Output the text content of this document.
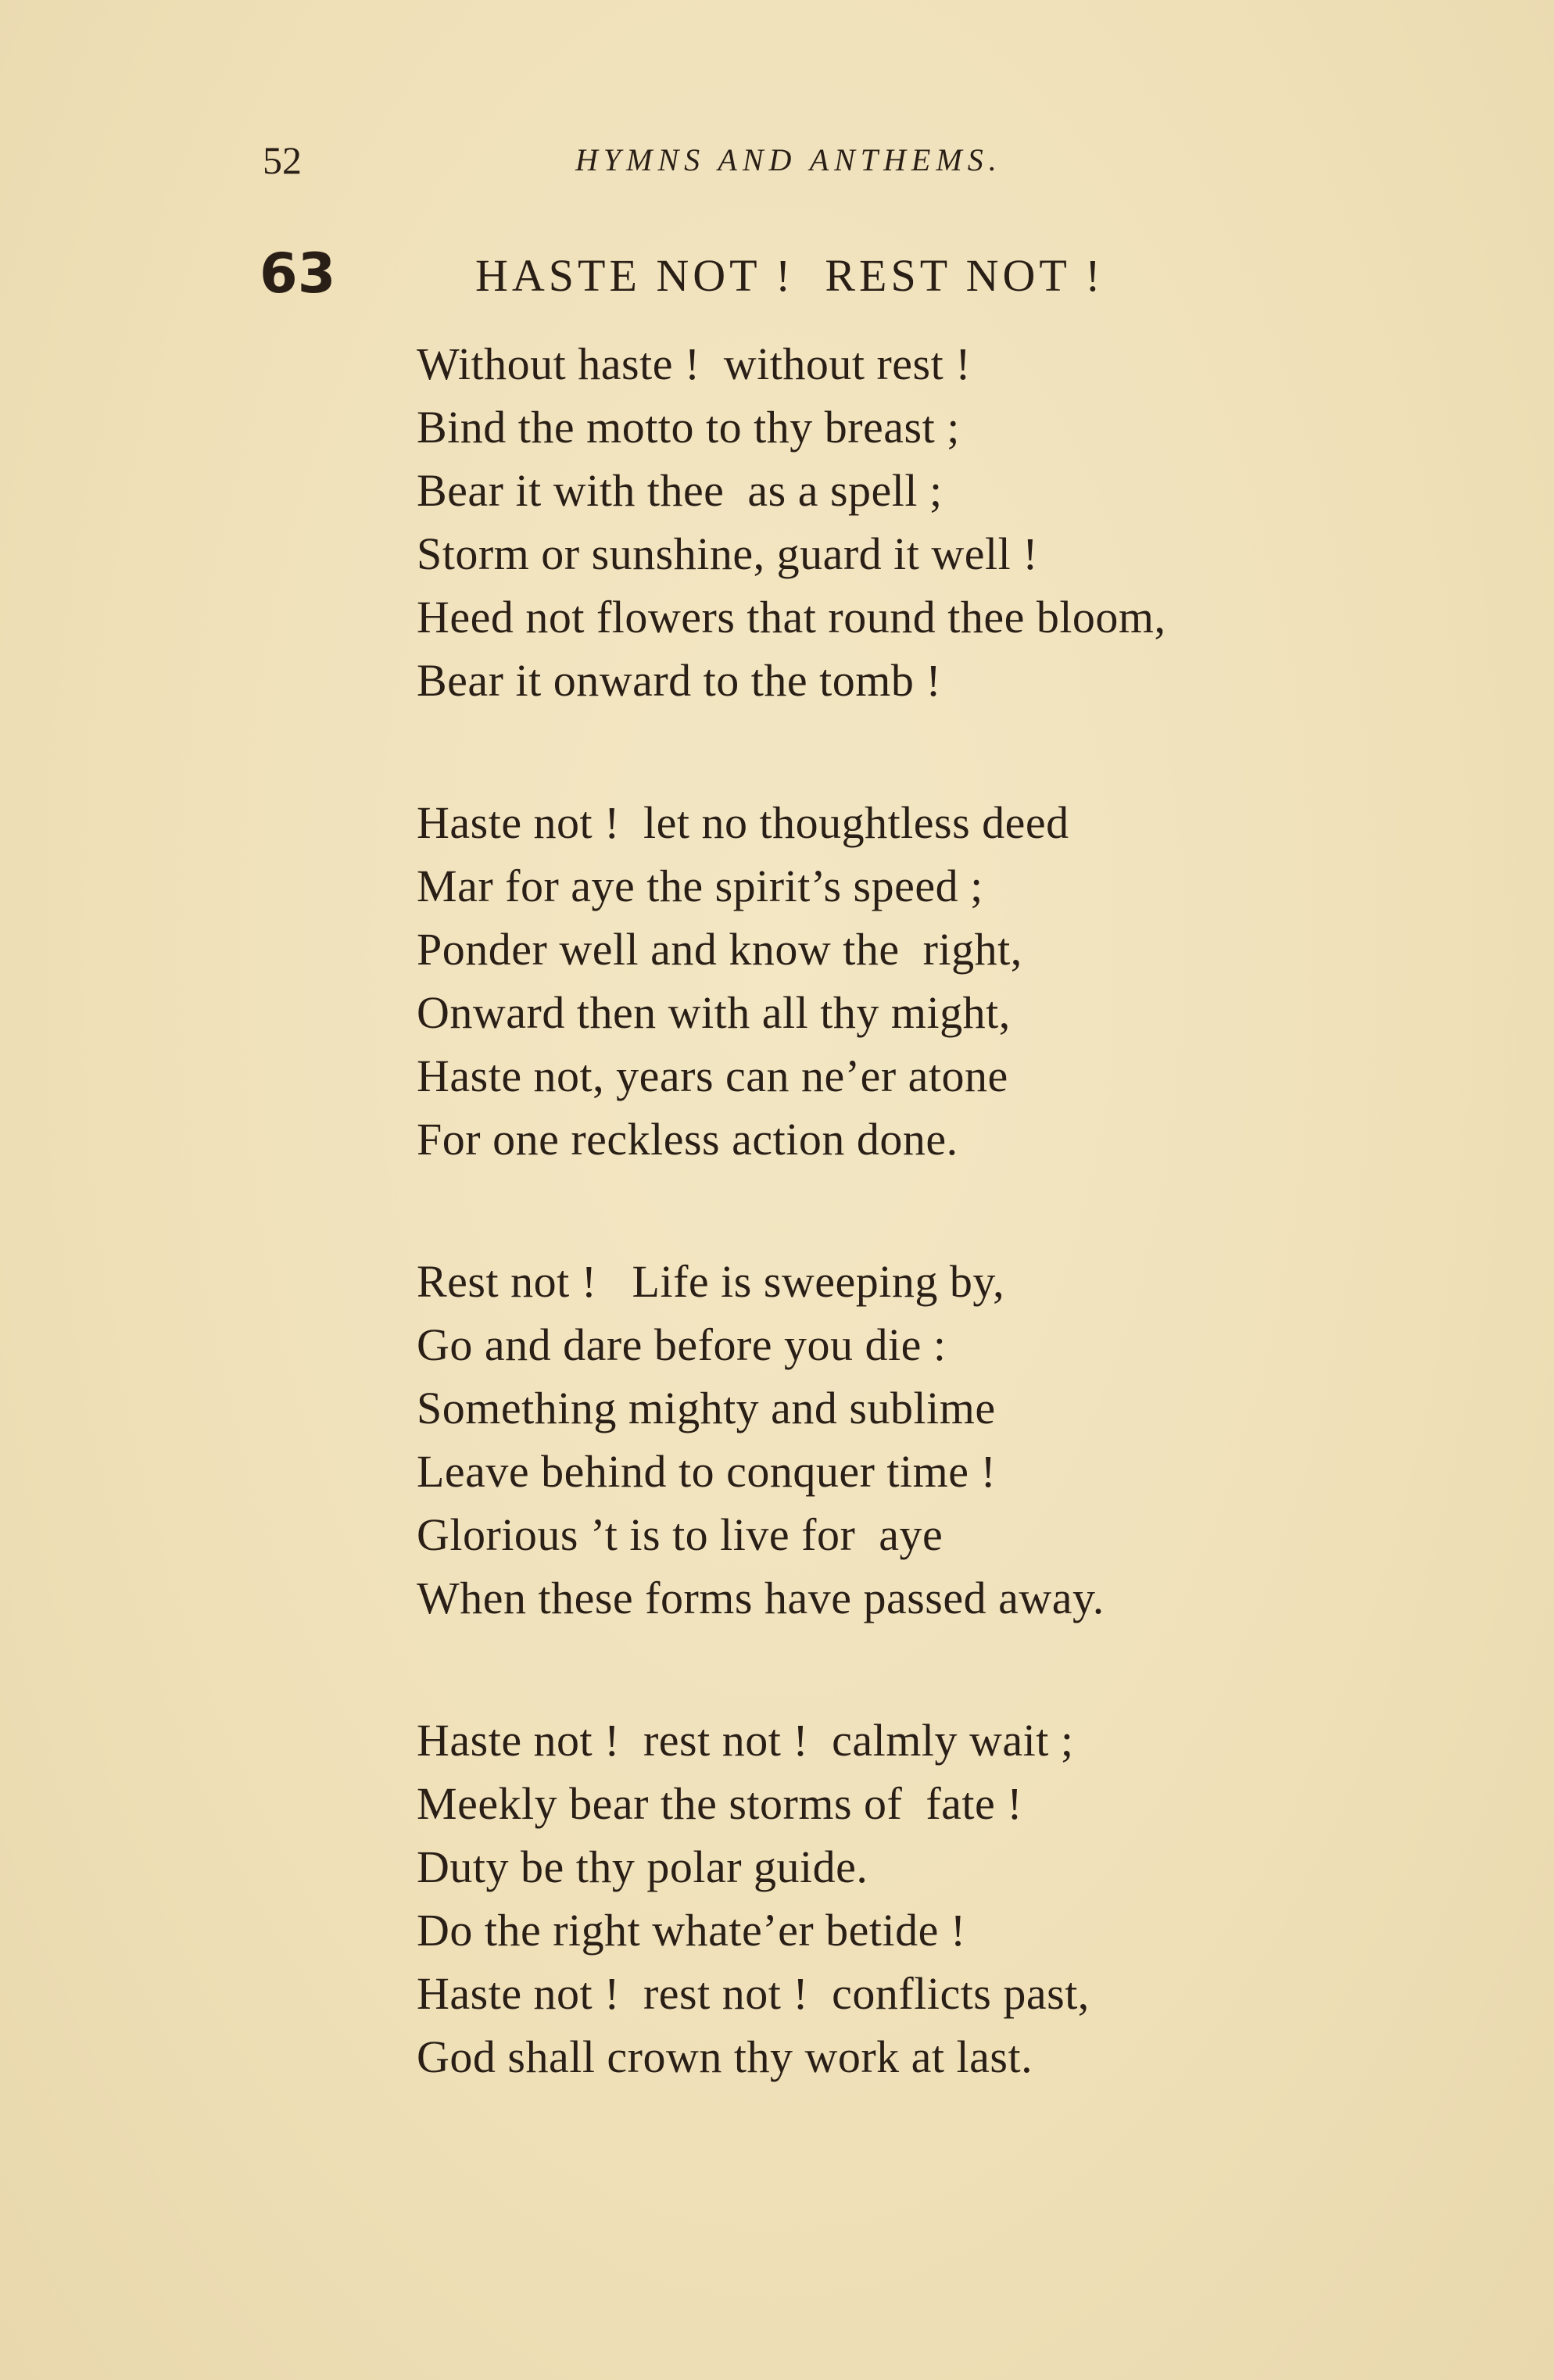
52	HYMNS AND ANTHEMS.
63	HASTE NOT !  REST NOT !
Without haste !  without rest !
Bind the motto to thy breast ;
Bear it with thee  as a spell ;
Storm or sunshine, guard it well !
Heed not flowers that round thee bloom,
Bear it onward to the tomb !
Haste not !  let no thoughtless deed
Mar for aye the spirit’s speed ;
Ponder well and know the  right,
Onward then with all thy might,
Haste not, years can ne’er atone
For one reckless action done.
Rest not !   Life is sweeping by,
Go and dare before you die :
Something mighty and sublime
Leave behind to conquer time !
Glorious ’t is to live for  aye
When these forms have passed away.
Haste not !  rest not !  calmly wait ;
Meekly bear the storms of  fate !
Duty be thy polar guide.
Do the right whate’er betide !
Haste not !  rest not !  conflicts past,
God shall crown thy work at last.
